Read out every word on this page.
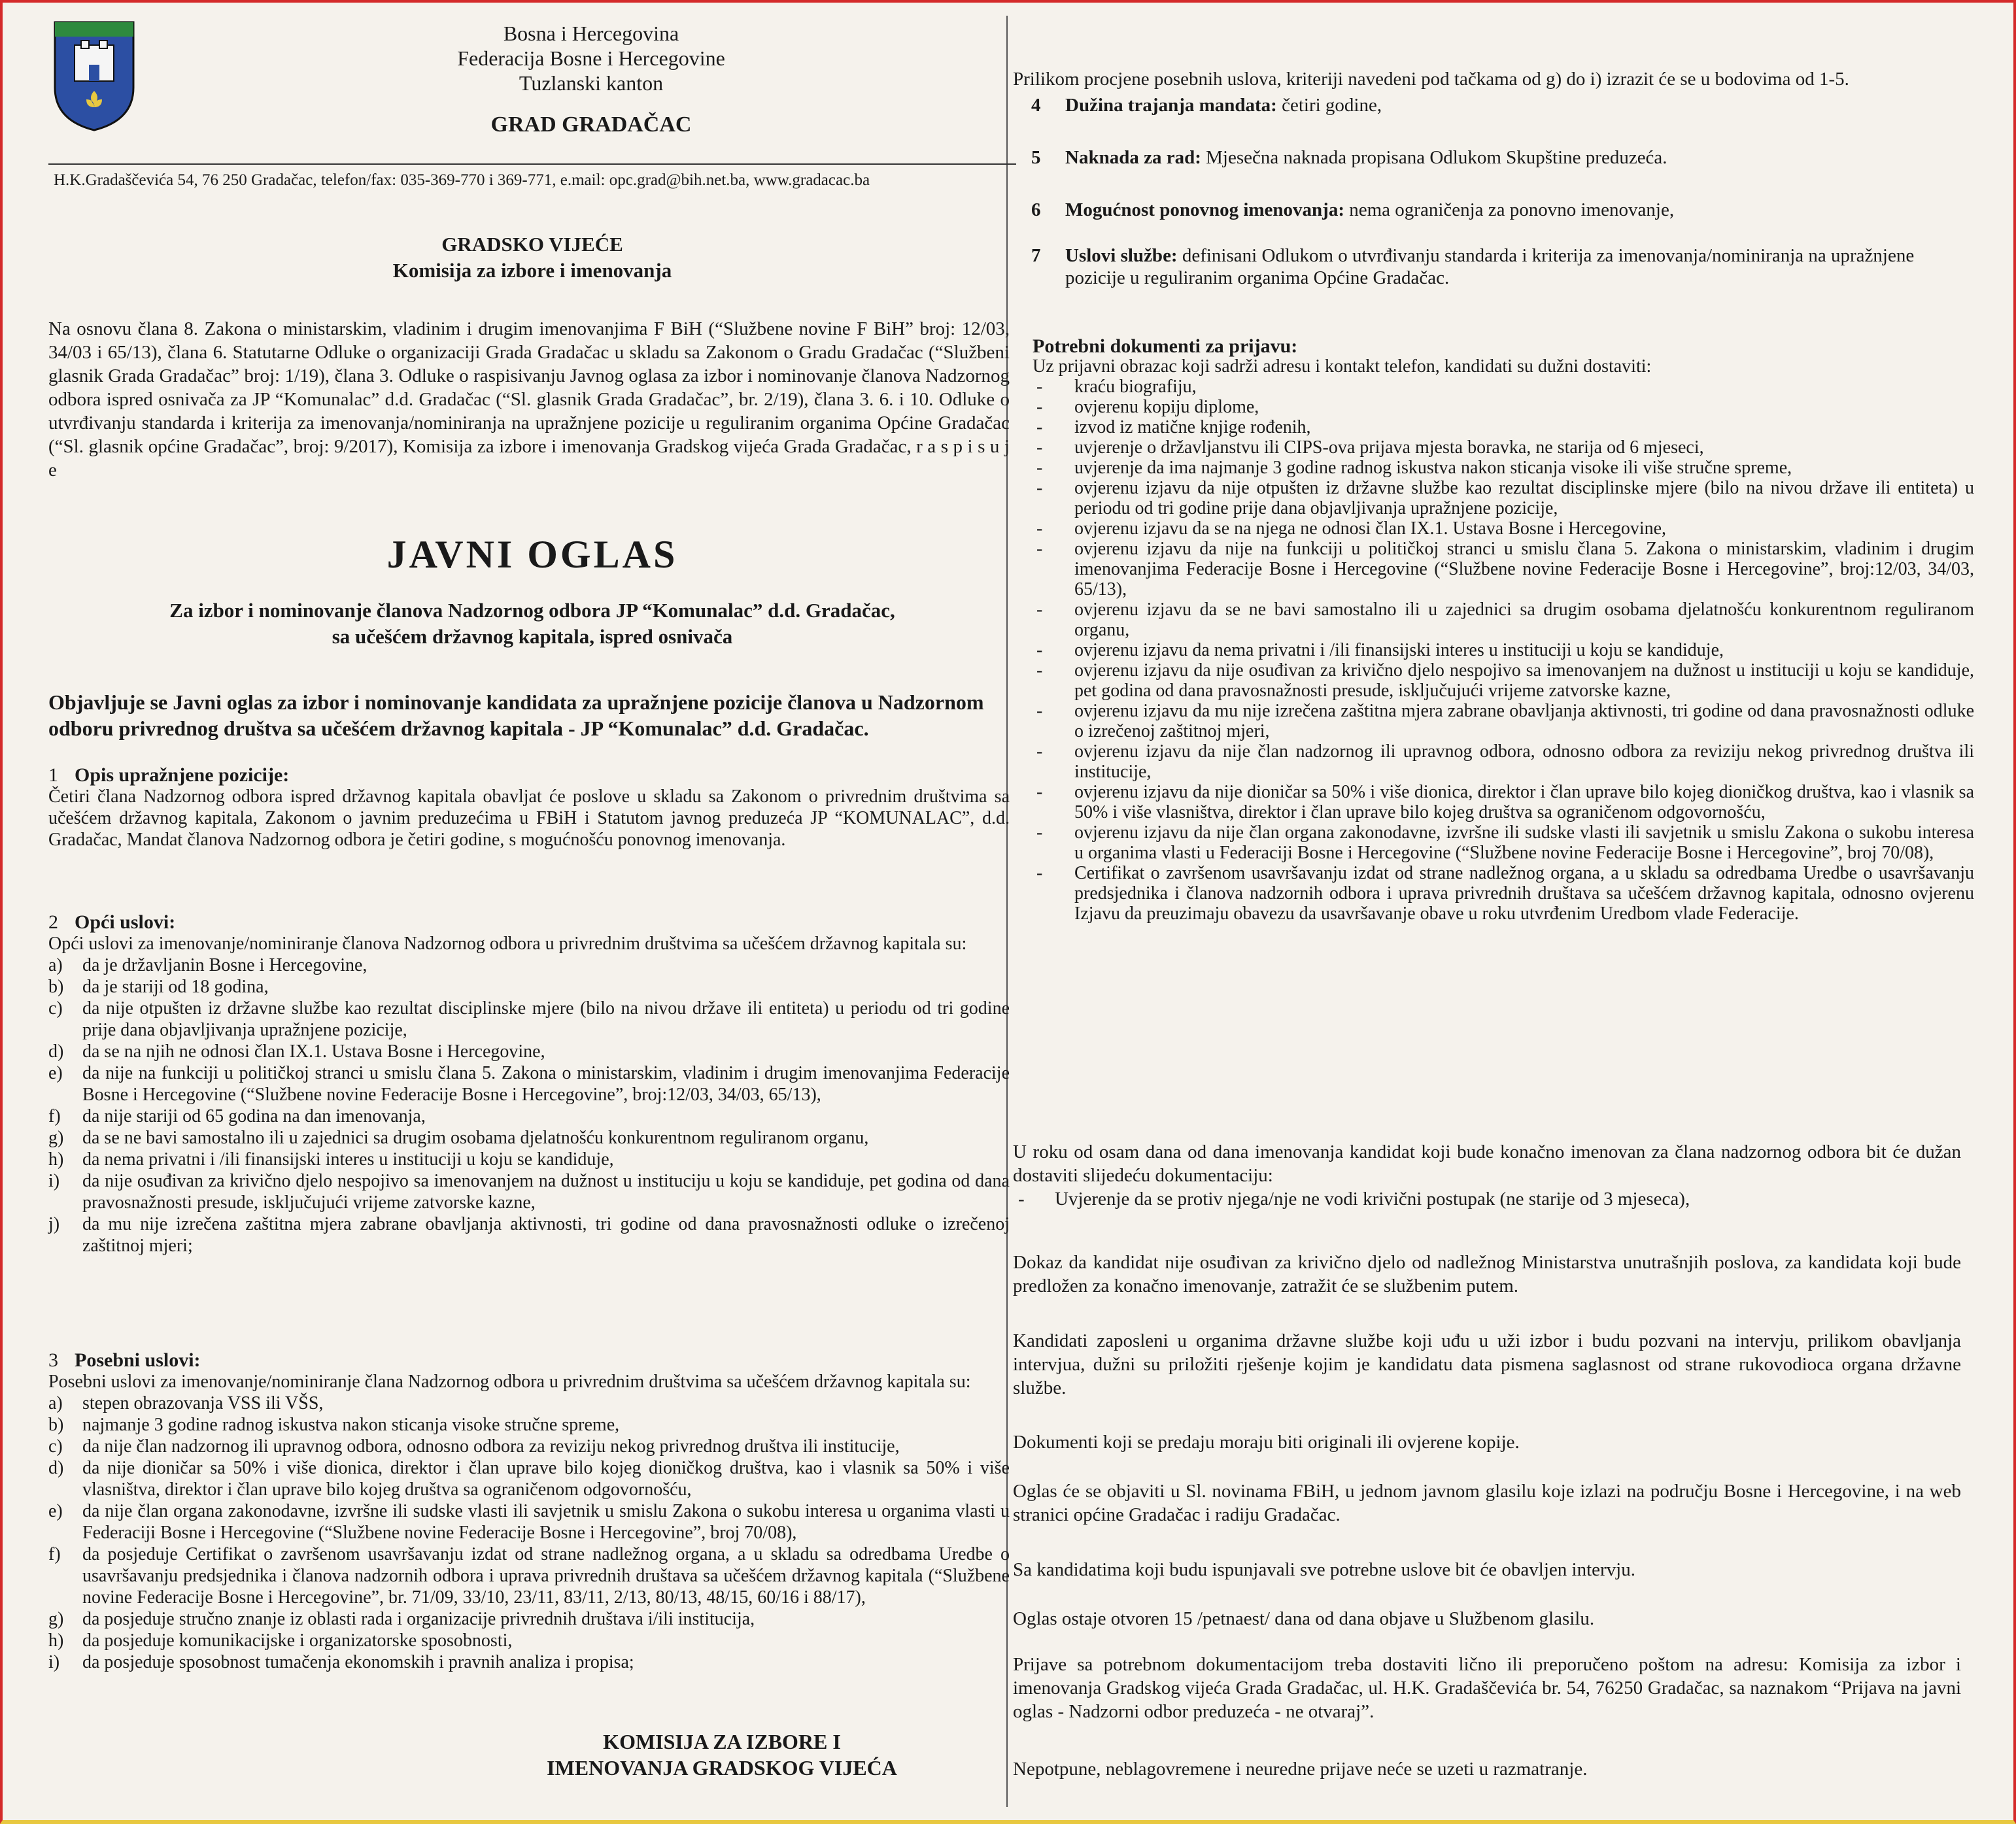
Bosna i Hercegovina
Federacija Bosne i Hercegovine
Tuzlanski kanton
GRAD GRADAČAC
H.K.Gradaščevića 54, 76 250 Gradačac, telefon/fax: 035-369-770 i 369-771, e.mail: opc.grad@bih.net.ba, www.gradacac.ba
GRADSKO VIJEĆE
Komisija za izbore i imenovanja

Na osnovu člana 8. Zakona o ministarskim, vladinim i drugim imenovanjima F BiH (“Službene novine F BiH” broj: 12/03, 34/03 i 65/13), člana 6. Statutarne Odluke o organizaciji Grada Gradačac u skladu sa Zakonom o Gradu Gradačac (“Službeni glasnik Grada Gradačac” broj: 1/19), člana 3. Odluke o raspisivanju Javnog oglasa za izbor i nominovanje članova Nadzornog odbora ispred osnivača za JP “Komunalac” d.d. Gradačac (“Sl. glasnik Grada Gradačac”, br. 2/19), člana 3. 6. i 10. Odluke o utvrđivanju standarda i kriterija za imenovanja/nominiranja na upražnjene pozicije u reguliranim organima Općine Gradačac (“Sl. glasnik općine Gradačac”, broj: 9/2017), Komisija za izbore i imenovanja Gradskog vijeća Grada Gradačac, r a s p i s u j e

JAVNI OGLAS
Za izbor i nominovanje članova Nadzornog odbora JP “Komunalac” d.d. Gradačac,
sa učešćem državnog kapitala, ispred osnivača

Objavljuje se Javni oglas za izbor i nominovanje kandidata za upražnjene pozicije članova u Nadzornom odboru privrednog društva sa učešćem državnog kapitala - JP “Komunalac” d.d. Gradačac.

1 Opis upražnjene pozicije:

Četiri člana Nadzornog odbora ispred državnog kapitala obavljat će poslove u skladu sa Zakonom o privrednim društvima sa učešćem državnog kapitala, Zakonom o javnim preduzećima u FBiH i Statutom javnog preduzeća JP “KOMUNALAC”, d.d. Gradačac, Mandat članova Nadzornog odbora je četiri godine, s mogućnošću ponovnog imenovanja.

2 Opći uslovi:

Opći uslovi za imenovanje/nominiranje članova Nadzornog odbora u privrednim društvima sa učešćem državnog kapitala su:

a) da je državljanin Bosne i Hercegovine,
b) da je stariji od 18 godina,
c) da nije otpušten iz državne službe kao rezultat disciplinske mjere (bilo na nivou države ili entiteta) u periodu od tri godine prije dana objavljivanja upražnjene pozicije,
d) da se na njih ne odnosi član IX.1. Ustava Bosne i Hercegovine,
e) da nije na funkciji u političkoj stranci u smislu člana 5. Zakona o ministarskim, vladinim i drugim imenovanjima Federacije Bosne i Hercegovine (“Službene novine Federacije Bosne i Hercegovine”, broj:12/03, 34/03, 65/13),
f) da nije stariji od 65 godina na dan imenovanja,
g) da se ne bavi samostalno ili u zajednici sa drugim osobama djelatnošću konkurentnom reguliranom organu,
h) da nema privatni i /ili finansijski interes u instituciji u koju se kandiduje,
i) da nije osuđivan za krivično djelo nespojivo sa imenovanjem na dužnost u instituciju u koju se kandiduje, pet godina od dana pravosnažnosti presude, isključujući vrijeme zatvorske kazne,
j) da mu nije izrečena zaštitna mjera zabrane obavljanja aktivnosti, tri godine od dana pravosnažnosti odluke o izrečenoj zaštitnoj mjeri;
3 Posebni uslovi:

Posebni uslovi za imenovanje/nominiranje člana Nadzornog odbora u privrednim društvima sa učešćem državnog kapitala su:

a) stepen obrazovanja VSS ili VŠS,
b) najmanje 3 godine radnog iskustva nakon sticanja visoke stručne spreme,
c) da nije član nadzornog ili upravnog odbora, odnosno odbora za reviziju nekog privrednog društva ili institucije,
d) da nije dioničar sa 50% i više dionica, direktor i član uprave bilo kojeg dioničkog društva, kao i vlasnik sa 50% i više vlasništva, direktor i član uprave bilo kojeg društva sa ograničenom odgovornošću,
e) da nije član organa zakonodavne, izvršne ili sudske vlasti ili savjetnik u smislu Zakona o sukobu interesa u organima vlasti u Federaciji Bosne i Hercegovine (“Službene novine Federacije Bosne i Hercegovine”, broj 70/08),
f) da posjeduje Certifikat o završenom usavršavanju izdat od strane nadležnog organa, a u skladu sa odredbama Uredbe o usavršavanju predsjednika i članova nadzornih odbora i uprava privrednih društava sa učešćem državnog kapitala (“Službene novine Federacije Bosne i Hercegovine”, br. 71/09, 33/10, 23/11, 83/11, 2/13, 80/13, 48/15, 60/16 i 88/17),
g) da posjeduje stručno znanje iz oblasti rada i organizacije privrednih društava i/ili institucija,
h) da posjeduje komunikacijske i organizatorske sposobnosti,
i) da posjeduje sposobnost tumačenja ekonomskih i pravnih analiza i propisa;

Prilikom procjene posebnih uslova, kriteriji navedeni pod tačkama od g) do i) izrazit će se u bodovima od 1-5.

4 Dužina trajanja mandata: četiri godine,
5 Naknada za rad: Mjesečna naknada propisana Odlukom Skupštine preduzeća.
6 Mogućnost ponovnog imenovanja: nema ograničenja za ponovno imenovanje,
7 Uslovi službe: definisani Odlukom o utvrđivanju standarda i kriterija za imenovanja/nominiranja na upražnjene pozicije u reguliranim organima Općine Gradačac.
Potrebni dokumenti za prijavu:

Uz prijavni obrazac koji sadrži adresu i kontakt telefon, kandidati su dužni dostaviti:

- kraću biografiju,
- ovjerenu kopiju diplome,
- izvod iz matične knjige rođenih,
- uvjerenje o državljanstvu ili CIPS-ova prijava mjesta boravka, ne starija od 6 mjeseci,
- uvjerenje da ima najmanje 3 godine radnog iskustva nakon sticanja visoke ili više stručne spreme,
- ovjerenu izjavu da nije otpušten iz državne službe kao rezultat disciplinske mjere (bilo na nivou države ili entiteta) u periodu od tri godine prije dana objavljivanja upražnjene pozicije,
- ovjerenu izjavu da se na njega ne odnosi član IX.1. Ustava Bosne i Hercegovine,
- ovjerenu izjavu da nije na funkciji u političkoj stranci u smislu člana 5. Zakona o ministarskim, vladinim i drugim imenovanjima Federacije Bosne i Hercegovine (“Službene novine Federacije Bosne i Hercegovine”, broj:12/03, 34/03, 65/13),
- ovjerenu izjavu da se ne bavi samostalno ili u zajednici sa drugim osobama djelatnošću konkurentnom reguliranom organu,
- ovjerenu izjavu da nema privatni i /ili finansijski interes u instituciji u koju se kandiduje,
- ovjerenu izjavu da nije osuđivan za krivično djelo nespojivo sa imenovanjem na dužnost u instituciji u koju se kandiduje, pet godina od dana pravosnažnosti presude, isključujući vrijeme zatvorske kazne,
- ovjerenu izjavu da mu nije izrečena zaštitna mjera zabrane obavljanja aktivnosti, tri godine od dana pravosnažnosti odluke o izrečenoj zaštitnoj mjeri,
- ovjerenu izjavu da nije član nadzornog ili upravnog odbora, odnosno odbora za reviziju nekog privrednog društva ili institucije,
- ovjerenu izjavu da nije dioničar sa 50% i više dionica, direktor i član uprave bilo kojeg dioničkog društva, kao i vlasnik sa 50% i više vlasništva, direktor i član uprave bilo kojeg društva sa ograničenom odgovornošću,
- ovjerenu izjavu da nije član organa zakonodavne, izvršne ili sudske vlasti ili savjetnik u smislu Zakona o sukobu interesa u organima vlasti u Federaciji Bosne i Hercegovine (“Službene novine Federacije Bosne i Hercegovine”, broj 70/08),
- Certifikat o završenom usavršavanju izdat od strane nadležnog organa, a u skladu sa odredbama Uredbe o usavršavanju predsjednika i članova nadzornih odbora i uprava privrednih društava sa učešćem državnog kapitala, odnosno ovjerenu Izjavu da preuzimaju obavezu da usavršavanje obave u roku utvrđenim Uredbom vlade Federacije.

U roku od osam dana od dana imenovanja kandidat koji bude konačno imenovan za člana nadzornog odbora bit će dužan dostaviti slijedeću dokumentaciju:

- Uvjerenje da se protiv njega/nje ne vodi krivični postupak (ne starije od 3 mjeseca),

Dokaz da kandidat nije osuđivan za krivično djelo od nadležnog Ministarstva unutrašnjih poslova, za kandidata koji bude predložen za konačno imenovanje, zatražit će se službenim putem.

Kandidati zaposleni u organima državne službe koji uđu u uži izbor i budu pozvani na intervju, prilikom obavljanja intervjua, dužni su priložiti rješenje kojim je kandidatu data pismena saglasnost od strane rukovodioca organa državne službe.

Dokumenti koji se predaju moraju biti originali ili ovjerene kopije.

Oglas će se objaviti u Sl. novinama FBiH, u jednom javnom glasilu koje izlazi na području Bosne i Hercegovine, i na web stranici općine Gradačac i radiju Gradačac.

Sa kandidatima koji budu ispunjavali sve potrebne uslove bit će obavljen intervju.

Oglas ostaje otvoren 15 /petnaest/ dana od dana objave u Službenom glasilu.

Prijave sa potrebnom dokumentacijom treba dostaviti lično ili preporučeno poštom na adresu: Komisija za izbor i imenovanja Gradskog vijeća Grada Gradačac, ul. H.K. Gradaščevića br. 54, 76250 Gradačac, sa naznakom “Prijava na javni oglas - Nadzorni odbor preduzeća - ne otvaraj”.

Nepotpune, neblagovremene i neuredne prijave neće se uzeti u razmatranje.

KOMISIJA ZA IZBORE I
IMENOVANJA GRADSKOG VIJEĆA
